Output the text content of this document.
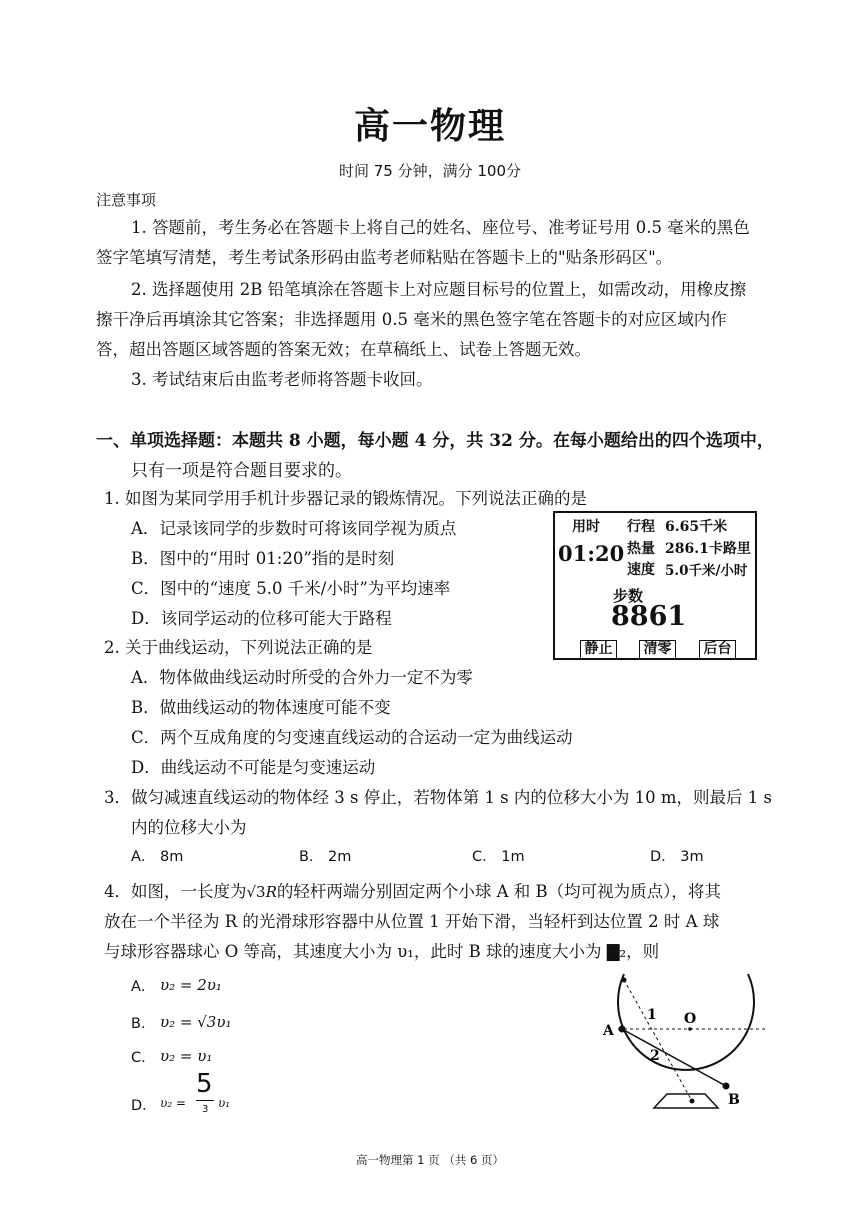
高一物理
时间 75 分钟，满分 100分
注意事项
1. 答题前，考生务必在答题卡上将自己的姓名、座位号、准考证号用 0.5 毫米的黑色
签字笔填写清楚，考生考试条形码由监考老师粘贴在答题卡上的"贴条形码区"。
2. 选择题使用 2B 铅笔填涂在答题卡上对应题目标号的位置上，如需改动，用橡皮擦
擦干净后再填涂其它答案；非选择题用 0.5 毫米的黑色签字笔在答题卡的对应区域内作
答，超出答题区域答题的答案无效；在草稿纸上、试卷上答题无效。
3. 考试结束后由监考老师将答题卡收回。
一、单项选择题：本题共 8 小题，每小题 4 分，共 32 分。在每小题给出的四个选项中，
只有一项是符合题目要求的。
1. 如图为某同学用手机计步器记录的锻炼情况。下列说法正确的是
A．记录该同学的步数时可将该同学视为质点
B．图中的“用时 01:20”指的是时刻
C．图中的“速度 5.0 千米/小时”为平均速率
D．该同学运动的位移可能大于路程
用时
01:20
行程 6.65千米
热量 286.1卡路里
速度 5.0千米/小时
步数
8861
静止	清零	后台
2. 关于曲线运动，下列说法正确的是
A．物体做曲线运动时所受的合外力一定不为零
B．做曲线运动的物体速度可能不变
C．两个互成角度的匀变速直线运动的合运动一定为曲线运动
D．曲线运动不可能是匀变速运动
3．做匀减速直线运动的物体经 3 s 停止，若物体第 1 s 内的位移大小为 10 m，则最后 1 s
内的位移大小为
A． 8m	B． 2m	C． 1m	D． 3m
4．如图，一长度为√3R的轻杆两端分别固定两个小球 A 和 B（均可视为质点），将其
放在一个半径为 R 的光滑球形容器中从位置 1 开始下滑，当轻杆到达位置 2 时 A 球
与球形容器球心 O 等高，其速度大小为 υ₁，此时 B 球的速度大小为 ▇₂，则
A． υ₂ = 2υ₁
B． υ₂ = √3υ₁
C． υ₂ = υ₁
D． υ₂ =
5
3 υ₁
A
B
O
1
2
高一物理第 1 页 （共 6 页）
